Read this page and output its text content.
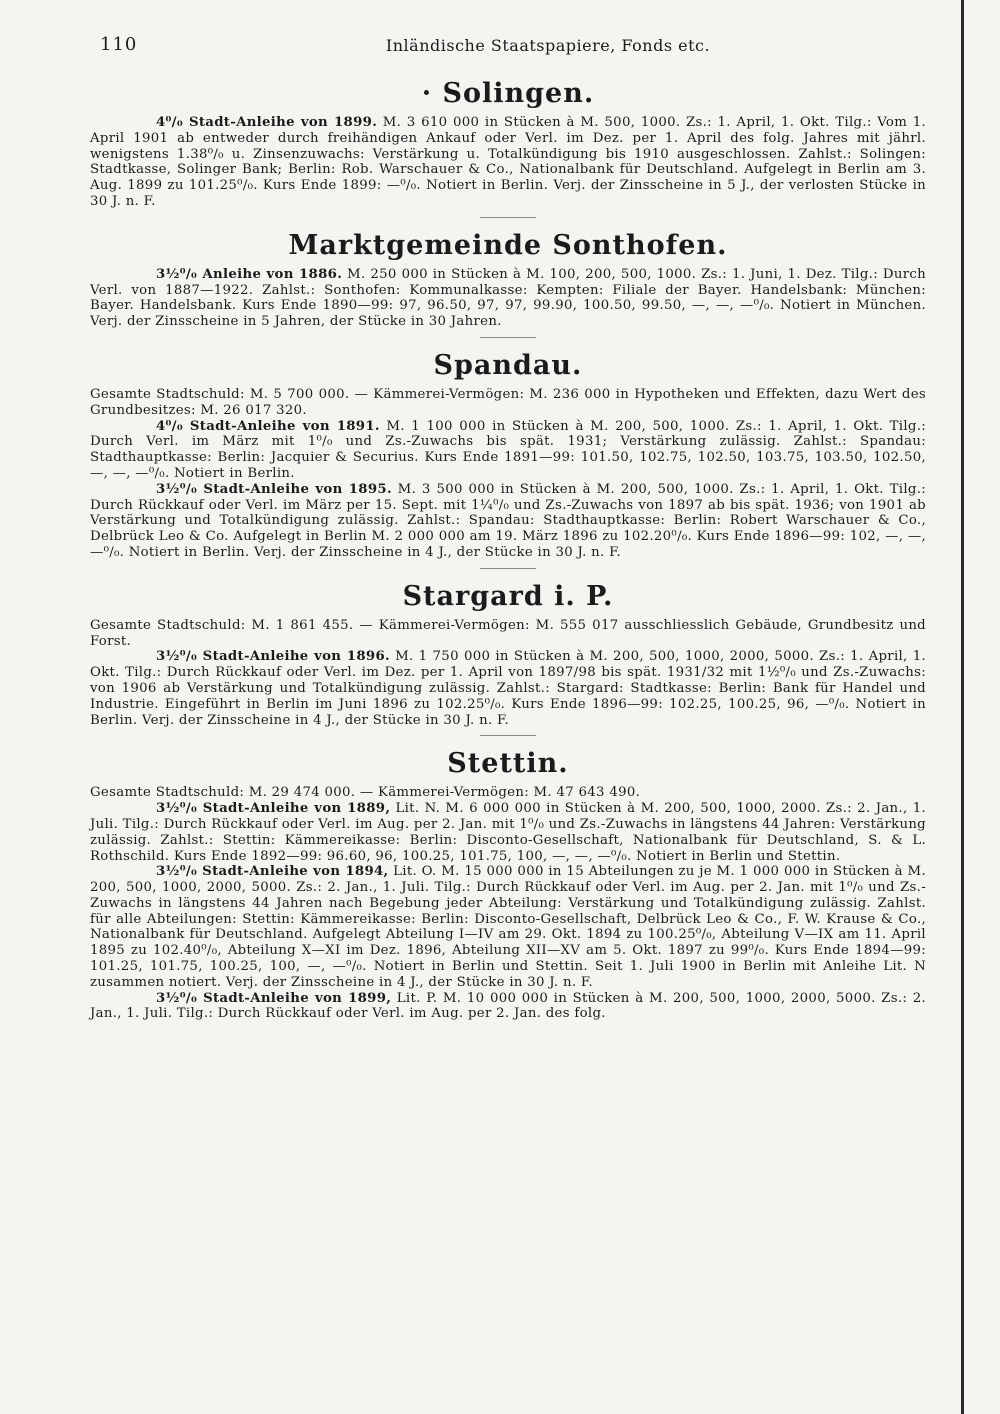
110	Inländische Staatspapiere, Fonds etc.
· Solingen.

4⁰/₀ Stadt-Anleihe von 1899. M. 3 610 000 in Stücken à M. 500, 1000. Zs.: 1. April, 1. Okt. Tilg.: Vom 1. April 1901 ab entweder durch freihändigen Ankauf oder Verl. im Dez. per 1. April des folg. Jahres mit jährl. wenigstens 1.38⁰/₀ u. Zinsenzuwachs: Verstärkung u. Totalkündigung bis 1910 ausgeschlossen. Zahlst.: Solingen: Stadtkasse, Solinger Bank; Berlin: Rob. Warschauer & Co., Nationalbank für Deutschland. Aufgelegt in Berlin am 3. Aug. 1899 zu 101.25⁰/₀. Kurs Ende 1899: —⁰/₀. Notiert in Berlin. Verj. der Zinsscheine in 5 J., der verlosten Stücke in 30 J. n. F.

Marktgemeinde Sonthofen.

3½⁰/₀ Anleihe von 1886. M. 250 000 in Stücken à M. 100, 200, 500, 1000. Zs.: 1. Juni, 1. Dez. Tilg.: Durch Verl. von 1887—1922. Zahlst.: Sonthofen: Kommunalkasse: Kempten: Filiale der Bayer. Handelsbank: München: Bayer. Handelsbank. Kurs Ende 1890—99: 97, 96.50, 97, 97, 99.90, 100.50, 99.50, —, —, —⁰/₀. Notiert in München. Verj. der Zinsscheine in 5 Jahren, der Stücke in 30 Jahren.

Spandau.

Gesamte Stadtschuld: M. 5 700 000. — Kämmerei-Vermögen: M. 236 000 in Hypotheken und Effekten, dazu Wert des Grundbesitzes: M. 26 017 320.

4⁰/₀ Stadt-Anleihe von 1891. M. 1 100 000 in Stücken à M. 200, 500, 1000. Zs.: 1. April, 1. Okt. Tilg.: Durch Verl. im März mit 1⁰/₀ und Zs.-Zuwachs bis spät. 1931; Verstärkung zulässig. Zahlst.: Spandau: Stadthauptkasse: Berlin: Jacquier & Securius. Kurs Ende 1891—99: 101.50, 102.75, 102.50, 103.75, 103.50, 102.50, —, —, —⁰/₀. Notiert in Berlin.

3½⁰/₀ Stadt-Anleihe von 1895. M. 3 500 000 in Stücken à M. 200, 500, 1000. Zs.: 1. April, 1. Okt. Tilg.: Durch Rückkauf oder Verl. im März per 15. Sept. mit 1¼⁰/₀ und Zs.-Zuwachs von 1897 ab bis spät. 1936; von 1901 ab Verstärkung und Totalkündigung zulässig. Zahlst.: Spandau: Stadthauptkasse: Berlin: Robert Warschauer & Co., Delbrück Leo & Co. Aufgelegt in Berlin M. 2 000 000 am 19. März 1896 zu 102.20⁰/₀. Kurs Ende 1896—99: 102, —, —, —⁰/₀. Notiert in Berlin. Verj. der Zinsscheine in 4 J., der Stücke in 30 J. n. F.

Stargard i. P.

Gesamte Stadtschuld: M. 1 861 455. — Kämmerei-Vermögen: M. 555 017 ausschliesslich Gebäude, Grundbesitz und Forst.

3½⁰/₀ Stadt-Anleihe von 1896. M. 1 750 000 in Stücken à M. 200, 500, 1000, 2000, 5000. Zs.: 1. April, 1. Okt. Tilg.: Durch Rückkauf oder Verl. im Dez. per 1. April von 1897/98 bis spät. 1931/32 mit 1½⁰/₀ und Zs.-Zuwachs: von 1906 ab Verstärkung und Totalkündigung zulässig. Zahlst.: Stargard: Stadtkasse: Berlin: Bank für Handel und Industrie. Eingeführt in Berlin im Juni 1896 zu 102.25⁰/₀. Kurs Ende 1896—99: 102.25, 100.25, 96, —⁰/₀. Notiert in Berlin. Verj. der Zinsscheine in 4 J., der Stücke in 30 J. n. F.

Stettin.

Gesamte Stadtschuld: M. 29 474 000. — Kämmerei-Vermögen: M. 47 643 490.

3½⁰/₀ Stadt-Anleihe von 1889, Lit. N. M. 6 000 000 in Stücken à M. 200, 500, 1000, 2000. Zs.: 2. Jan., 1. Juli. Tilg.: Durch Rückkauf oder Verl. im Aug. per 2. Jan. mit 1⁰/₀ und Zs.-Zuwachs in längstens 44 Jahren: Verstärkung zulässig. Zahlst.: Stettin: Kämmereikasse: Berlin: Disconto-Gesellschaft, Nationalbank für Deutschland, S. & L. Rothschild. Kurs Ende 1892—99: 96.60, 96, 100.25, 101.75, 100, —, —, —⁰/₀. Notiert in Berlin und Stettin.

3½⁰/₀ Stadt-Anleihe von 1894, Lit. O. M. 15 000 000 in 15 Abteilungen zu je M. 1 000 000 in Stücken à M. 200, 500, 1000, 2000, 5000. Zs.: 2. Jan., 1. Juli. Tilg.: Durch Rückkauf oder Verl. im Aug. per 2. Jan. mit 1⁰/₀ und Zs.-Zuwachs in längstens 44 Jahren nach Begebung jeder Abteilung: Verstärkung und Totalkündigung zulässig. Zahlst. für alle Abteilungen: Stettin: Kämmereikasse: Berlin: Disconto-Gesellschaft, Delbrück Leo & Co., F. W. Krause & Co., Nationalbank für Deutschland. Aufgelegt Abteilung I—IV am 29. Okt. 1894 zu 100.25⁰/₀, Abteilung V—IX am 11. April 1895 zu 102.40⁰/₀, Abteilung X—XI im Dez. 1896, Abteilung XII—XV am 5. Okt. 1897 zu 99⁰/₀. Kurs Ende 1894—99: 101.25, 101.75, 100.25, 100, —, —⁰/₀. Notiert in Berlin und Stettin. Seit 1. Juli 1900 in Berlin mit Anleihe Lit. N zusammen notiert. Verj. der Zinsscheine in 4 J., der Stücke in 30 J. n. F.

3½⁰/₀ Stadt-Anleihe von 1899, Lit. P. M. 10 000 000 in Stücken à M. 200, 500, 1000, 2000, 5000. Zs.: 2. Jan., 1. Juli. Tilg.: Durch Rückkauf oder Verl. im Aug. per 2. Jan. des folg.
